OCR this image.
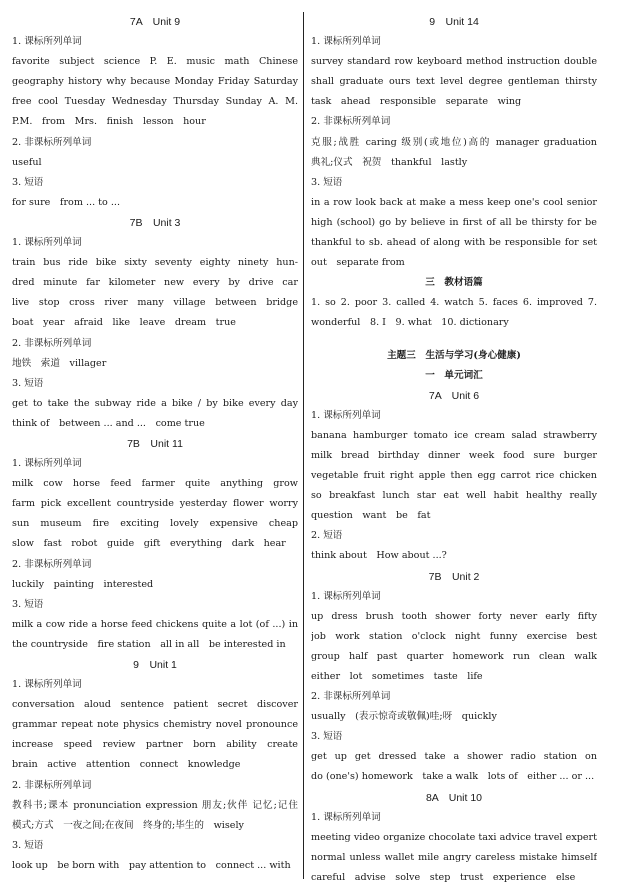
7A　Unit 9
1. 课标所列单词
favorite subject science P. E. music math Chinese
geography history why because Monday Friday Saturday
free cool Tuesday Wednesday Thursday Sunday A. M.
P.M.　from　Mrs.　finish　lesson　hour
2. 非课标所列单词
useful
3. 短语
for sure　from ... to ...
7B　Unit 3
1. 课标所列单词
train bus ride bike sixty seventy eighty ninety hun-
dred minute far kilometer new every by drive car
live stop cross river many village between bridge
boat　year　afraid　like　leave　dream　true
2. 非课标所列单词
地铁　索道　villager
3. 短语
get to take the subway ride a bike / by bike every day
think of　between ... and ...　come true
7B　Unit 11
1. 课标所列单词
milk cow horse feed farmer quite anything grow
farm pick excellent countryside yesterday flower worry
sun museum fire exciting lovely expensive cheap
slow　fast　robot　guide　gift　everything　dark　hear
2. 非课标所列单词
luckily　painting　interested
3. 短语
milk a cow ride a horse feed chickens quite a lot (of ...) in
the countryside　fire station　all in all　be interested in
9　Unit 1
1. 课标所列单词
conversation aloud sentence patient secret discover
grammar repeat note physics chemistry novel pronounce
increase speed review partner born ability create
brain　active　attention　connect　knowledge
2. 非课标所列单词
教科书;课本 pronunciation expression 朋友;伙伴 记忆;记住
模式;方式　一夜之间;在夜间　终身的;毕生的　wisely
3. 短语
look up　be born with　pay attention to　connect ... with
9　Unit 14
1. 课标所列单词
survey standard row keyboard method instruction double
shall graduate ours text level degree gentleman thirsty
task　ahead　responsible　separate　wing
2. 非课标所列单词
克服;战胜 caring 级别(或地位)高的 manager graduation
典礼;仪式　祝贺　thankful　lastly
3. 短语
in a row look back at make a mess keep one's cool senior
high (school) go by believe in first of all be thirsty for be
thankful to sb. ahead of along with be responsible for set
out　separate from
三　教材语篇
1. so 2. poor 3. called 4. watch 5. faces 6. improved 7.
wonderful　8. I　9. what　10. dictionary
主题三　生活与学习(身心健康)
一　单元词汇
7A　Unit 6
1. 课标所列单词
banana hamburger tomato ice cream salad strawberry
milk bread birthday dinner week food sure burger
vegetable fruit right apple then egg carrot rice chicken
so breakfast lunch star eat well habit healthy really
question　want　be　fat
2. 短语
think about　How about ...?
7B　Unit 2
1. 课标所列单词
up dress brush tooth shower forty never early fifty
job work station o'clock night funny exercise best
group half past quarter homework run clean walk
either　lot　sometimes　taste　life
2. 非课标所列单词
usually　(表示惊奇或敬佩)哇;呀　quickly
3. 短语
get up get dressed take a shower radio station on
do (one's) homework　take a walk　lots of　either ... or ...
8A　Unit 10
1. 课标所列单词
meeting video organize chocolate taxi advice travel expert
normal unless wallet mile angry careless mistake himself
careful　advise　solve　step　trust　experience　else
